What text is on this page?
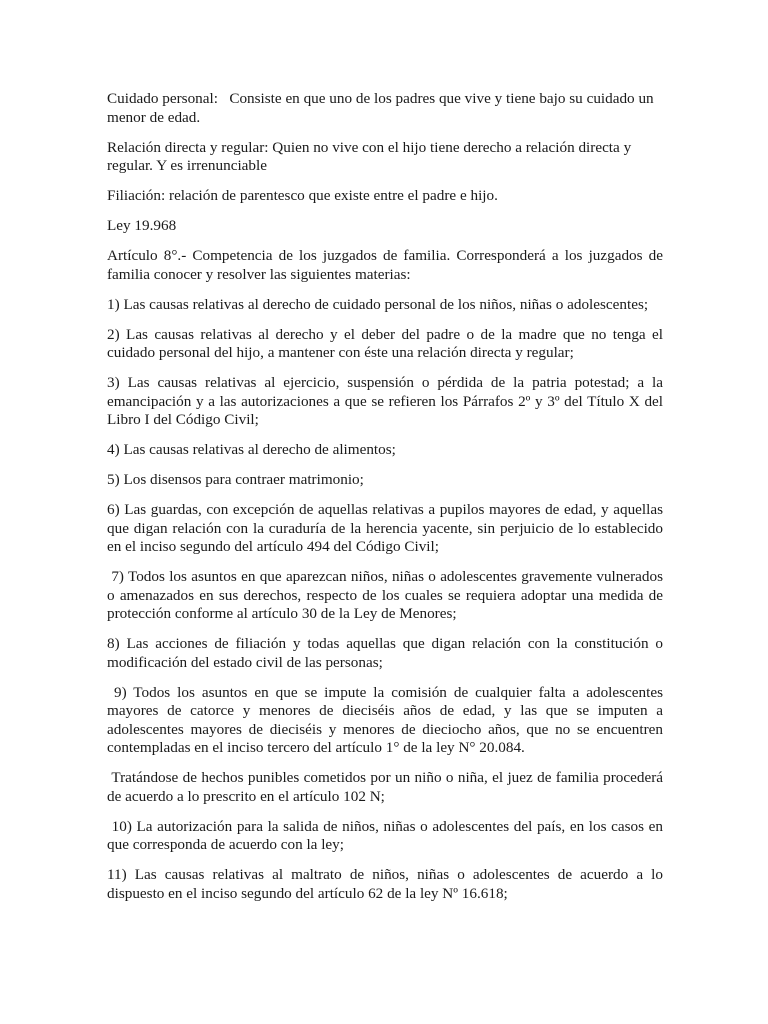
Cuidado personal:   Consiste en que uno de los padres que vive y tiene bajo su cuidado un menor de edad.

Relación directa y regular: Quien no vive con el hijo tiene derecho a relación directa y regular. Y es irrenunciable

Filiación: relación de parentesco que existe entre el padre e hijo.

Ley 19.968

Artículo 8°.- Competencia de los juzgados de familia. Corresponderá a los juzgados de familia conocer y resolver las siguientes materias:

1) Las causas relativas al derecho de cuidado personal de los niños, niñas o adolescentes;

2) Las causas relativas al derecho y el deber del padre o de la madre que no tenga el cuidado personal del hijo, a mantener con éste una relación directa y regular;

3) Las causas relativas al ejercicio, suspensión o pérdida de la patria potestad; a la emancipación y a las autorizaciones a que se refieren los Párrafos 2º y 3º del Título X del Libro I del Código Civil;

4) Las causas relativas al derecho de alimentos;

5) Los disensos para contraer matrimonio;

6) Las guardas, con excepción de aquellas relativas a pupilos mayores de edad, y aquellas que digan relación con la curaduría de la herencia yacente, sin perjuicio de lo establecido en el inciso segundo del artículo 494 del Código Civil;

7) Todos los asuntos en que aparezcan niños, niñas o adolescentes gravemente vulnerados o amenazados en sus derechos, respecto de los cuales se requiera adoptar una medida de protección conforme al artículo 30 de la Ley de Menores;

8) Las acciones de filiación y todas aquellas que digan relación con la constitución o modificación del estado civil de las personas;

9) Todos los asuntos en que se impute la comisión de cualquier falta a adolescentes mayores de catorce y menores de dieciséis años de edad, y las que se imputen a adolescentes mayores de dieciséis y menores de dieciocho años, que no se encuentren contempladas en el inciso tercero del artículo 1° de la ley N° 20.084.

Tratándose de hechos punibles cometidos por un niño o niña, el juez de familia procederá de acuerdo a lo prescrito en el artículo 102 N;

10) La autorización para la salida de niños, niñas o adolescentes del país, en los casos en que corresponda de acuerdo con la ley;

11) Las causas relativas al maltrato de niños, niñas o adolescentes de acuerdo a lo dispuesto en el inciso segundo del artículo 62 de la ley Nº 16.618;
